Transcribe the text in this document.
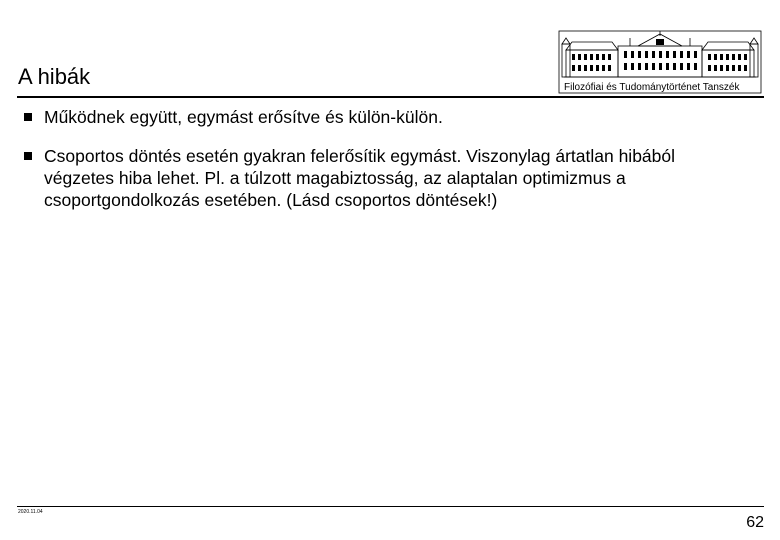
A hibák	Filozófiai és Tudománytörténet Tanszék
Működnek együtt, egymást erősítve és külön-külön.
Csoportos döntés esetén gyakran felerősítik egymást. Viszonylag ártatlan hibából végzetes hiba lehet. Pl. a túlzott magabiztosság, az alaptalan optimizmus a csoportgondolkozás esetében. (Lásd csoportos döntések!)
2020.11.04
62
